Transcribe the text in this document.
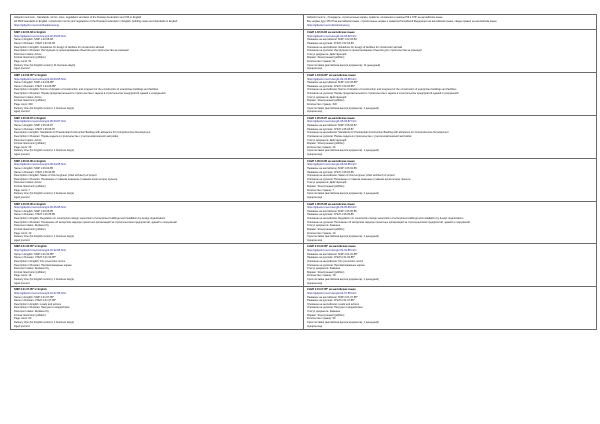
Gidpoint.med.com - Standards, norms, rules, regulations and laws of the Russian Federation and CIS in English
All SNiP standards in English, construction norms and regulations of the Russian Federation in English, building codes and standards in English
https://gidpoint.med.com/bookstore/eng

Gidpoint.med.ru - Стандарты, строительные нормы, правила, положения и законы РФ и СНГ на английском языке
Все нормы друг СНиП на английском языке, строительные нормы и правила Российской Федерации на английском языке, своды правил на английском языке
https://gidpoint.med.ru/bookstore/eng

SNiP 1.02.03-83 in English
https://gidpoint.med.com/eng/1-02-03-83.html
Name in English: SNiP 1.02.03-83
Name in Russian: СНиП 1.02.03-83
Description in English: Guidelines for design of facilities for construction abroad
Description in Russian: Инструкция по проектированию объектов для строительства за границей
Document status: Active
Format: Electronic (pdf/doc)
Page count: 51
Delivery time (for English version): 11 business day(s)
Aged premod

СНиП 1.02.03-83 на английском языке
https://gidpoint.med.ru/eng/1-02-03-83.html
Название на английском: SNiP 1.02.03-83
Название на русском: СНиП 1.02.03-83
Описание на английском: Guidelines for design of facilities for construction abroad
Описание на русском: Инструкция по проектированию объектов для строительства за границей
Статус документа: Действующий
Формат: Электронный (pdf/doc)
Количество страниц: 51
Срок поставки (английская версия документа): 11 день(дней)
Аукцион мод

SNiP 1.04.03-85* in English
https://gidpoint.med.com/eng/1-04-03-85.html
Name in English: SNiP 1.04.03-85*
Name in Russian: СНиП 1.04.03-85*
Description in English: Norms of duration of construction and progress for the construction of enterprises buildings and facilities
Description in Russian: Нормы продолжительности строительства и задела в строительстве предприятий зданий и сооружений
Document status: Active
Format: Electronic (pdf/doc)
Page count: 320
Delivery time (for English version): 1 business day(s)
Aged premod

СНиП 1.04.03-85* на английском языке
https://gidpoint.med.ru/eng/1-04-03-85.html
Название на английском: SNiP 1.04.03-85*
Название на русском: СНиП 1.04.03-85*
Описание на английском: Norms of duration of construction and progress for the construction of enterprises buildings and facilities
Описание на русском: Нормы продолжительности строительства и задела в строительстве предприятий зданий и сооружений
Статус документа: Действующий
Формат: Электронный (pdf/doc)
Количество страниц: 320
Срок поставки (английская версия документа): 1 день(дней)
Аукцион мод

SNiP 1.05.03-87 in English
https://gidpoint.med.com/eng/1-05-03-87.html
Name in English: SNiP 1.05.03-87
Name in Russian: СНиП 1.05.03-87
Description in English: Standards for Presidential Construction Backlog with allowance for Comprehensive Development
Description in Russian: Нормы задела в строительстве с учетом комплексной застройки
Document status: Active
Format: Electronic (pdf/doc)
Page count: 40
Delivery time (for English version): 1 business day(s)
Aged premod

СНиП 1.05.03-87 на английском языке
https://gidpoint.med.ru/eng/1-05-03-87.html
Название на английском: SNiP 1.05.03-87
Название на русском: СНиП 1.05.03-87
Описание на английском: Standards for Presidential Construction Backlog with allowance for Comprehensive Development
Описание на русском: Нормы задела в строительстве с учетом комплексной застройки
Статус документа: Действующий
Формат: Электронный (pdf/doc)
Количество страниц: 40
Срок поставки (английская версия документа): 1 день(дней)
Аукцион мод

SNiP 1.06.04-85 in English
https://gidpoint.med.com/eng/1-06-04-85.html
Name in English: SNiP 1.06.04-85
Name in Russian: СНиП 1.06.04-85
Description in English: Status of chief engineer (chief architect) of project
Description in Russian: Положение о главном инженере (главном архитекторе) проекта
Document status: Active
Format: Electronic (pdf/doc)
Page count: 7
Delivery time (for English version): 2 business day(s)
Aged premod

СНиП 1.06.04-85 на английском языке
https://gidpoint.med.ru/eng/1-06-04-85.html
Название на английском: SNiP 1.06.04-85
Название на русском: СНиП 1.06.04-85
Описание на английском: Status of chief engineer (chief architect) of project
Описание на русском: Положение о главном инженере (главном архитекторе) проекта
Статус документа: Действующий
Формат: Электронный (pdf/doc)
Количество страниц: 7
Срок поставки (английская версия документа): 2 день(дней)
Аукцион мод

SNiP 1.06.05-85 in English
https://gidpoint.med.com/eng/1-06-05-85.html
Name in English: SNiP 1.06.05-85
Name in Russian: СНиП 1.06.05-85
Description in English: Regulation on construction design supervision of enterprises buildings and installation by design organizations
Description in Russian: Положение об авторском надзоре проектных организаций за строительством предприятий, зданий и сооружений
Document status: Replaced by
Format: Electronic (pdf/doc)
Page count: 10
Delivery time (for English version): 1 business day(s)
Aged premod

СНиП 1.06.05-85 на английском языке
https://gidpoint.med.ru/eng/1-06-05-85.html
Название на английском: SNiP 1.06.05-85
Название на русском: СНиП 1.06.05-85
Описание на английском: Regulation on construction design supervision of enterprises buildings and installation by design organizations
Описание на русском: Положение об авторском надзоре проектных организаций за строительством предприятий, зданий и сооружений
Статус документа: Заменен
Формат: Электронный (pdf/doc)
Количество страниц: 10
Срок поставки (английская версия документа): 1 день(дней)
Аукцион мод

SNiP 2.01.02-85* in English
https://gidpoint.med.com/eng/2-01-02-85.html
Name in English: SNiP 2.01.02-85*
Name in Russian: СНиП 2.01.02-85*
Description in English: Fire prevention norms
Description in Russian: Противопожарные нормы
Document status: Replaced by
Format: Electronic (pdf/doc)
Page count: 18
Delivery time (for English version): 1 business day(s)
Aged premod

СНиП 2.01.02-85* на английском языке
https://gidpoint.med.ru/eng/2-01-02-85.html
Название на английском: SNiP 2.01.02-85*
Название на русском: СНиП 2.01.02-85*
Описание на английском: Fire prevention norms
Описание на русском: Противопожарные нормы
Статус документа: Заменен
Формат: Электронный (pdf/doc)
Количество страниц: 18
Срок поставки (английская версия документа): 1 день(дней)
Аукцион мод

SNiP 2.01.07-85* in English
https://gidpoint.med.com/eng/2-01-07-85.html
Name in English: SNiP 2.01.07-85*
Name in Russian: СНиП 2.01.07-85*
Description in English: Loads and actions
Description in Russian: Нагрузки и воздействия
Document status: Replaced by
Format: Electronic (pdf/doc)
Page count: 50
Delivery time (for English version): 1 business day(s)
Aged premod

СНиП 2.01.07-85* на английском языке
https://gidpoint.med.ru/eng/2-01-07-85.html
Название на английском: SNiP 2.01.07-85*
Название на русском: СНиП 2.01.07-85*
Описание на английском: Loads and actions
Описание на русском: Нагрузки и воздействия
Статус документа: Заменен
Формат: Электронный (pdf/doc)
Количество страниц: 50
Срок поставки (английская версия документа): 1 день(дней)
Аукцион мод
